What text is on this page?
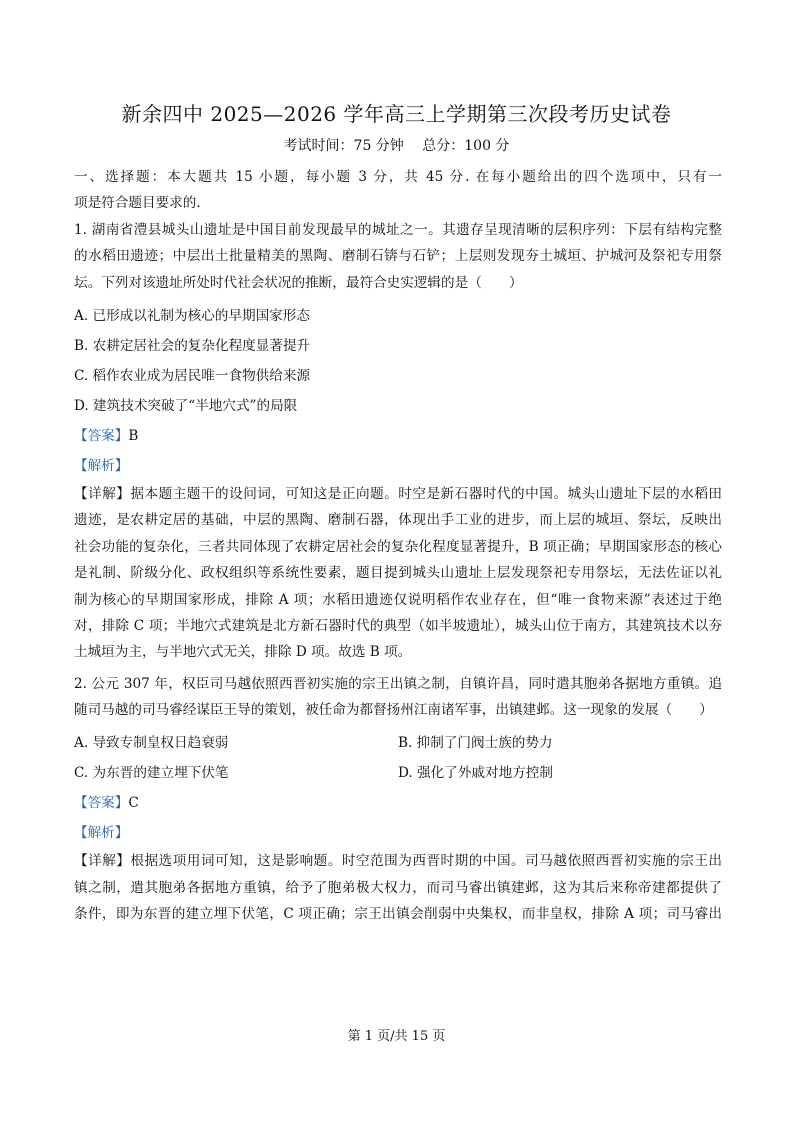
新余四中 2025—2026 学年高三上学期第三次段考历史试卷
考试时间：75 分钟　 总分：100 分
一、选择题：本大题共 15 小题，每小题 3 分，共 45 分. 在每小题给出的四个选项中，只有一
项是符合题目要求的.
1. 湖南省澧县城头山遗址是中国目前发现最早的城址之一。其遗存呈现清晰的层积序列：下层有结构完整
的水稻田遗迹；中层出土批量精美的黑陶、磨制石锛与石铲；上层则发现夯土城垣、护城河及祭祀专用祭
坛。下列对该遗址所处时代社会状况的推断，最符合史实逻辑的是（　　）
A. 已形成以礼制为核心的早期国家形态
B. 农耕定居社会的复杂化程度显著提升
C. 稻作农业成为居民唯一食物供给来源
D. 建筑技术突破了“半地穴式”的局限
【答案】B
【解析】
【详解】据本题主题干的设问词，可知这是正向题。时空是新石器时代的中国。城头山遗址下层的水稻田
遗迹，是农耕定居的基础，中层的黑陶、磨制石器，体现出手工业的进步，而上层的城垣、祭坛，反映出
社会功能的复杂化，三者共同体现了农耕定居社会的复杂化程度显著提升，B 项正确；早期国家形态的核心
是礼制、阶级分化、政权组织等系统性要素，题目提到城头山遗址上层发现祭祀专用祭坛，无法佐证以礼
制为核心的早期国家形成，排除 A 项；水稻田遗迹仅说明稻作农业存在，但“唯一食物来源”表述过于绝
对，排除 C 项；半地穴式建筑是北方新石器时代的典型（如半坡遗址），城头山位于南方，其建筑技术以夯
土城垣为主，与半地穴式无关，排除 D 项。故选 B 项。
2. 公元 307 年，权臣司马越依照西晋初实施的宗王出镇之制，自镇许昌，同时遣其胞弟各据地方重镇。追
随司马越的司马睿经谋臣王导的策划，被任命为都督扬州江南诸军事，出镇建邺。这一现象的发展（　　）
A. 导致专制皇权日趋衰弱	B. 抑制了门阀士族的势力
C. 为东晋的建立埋下伏笔	D. 强化了外戚对地方控制
【答案】C
【解析】
【详解】根据选项用词可知，这是影响题。时空范围为西晋时期的中国。司马越依照西晋初实施的宗王出
镇之制，遣其胞弟各据地方重镇，给予了胞弟极大权力，而司马睿出镇建邺，这为其后来称帝建都提供了
条件，即为东晋的建立埋下伏笔，C 项正确；宗王出镇会削弱中央集权，而非皇权，排除 A 项；司马睿出
第 1 页/共 15 页
